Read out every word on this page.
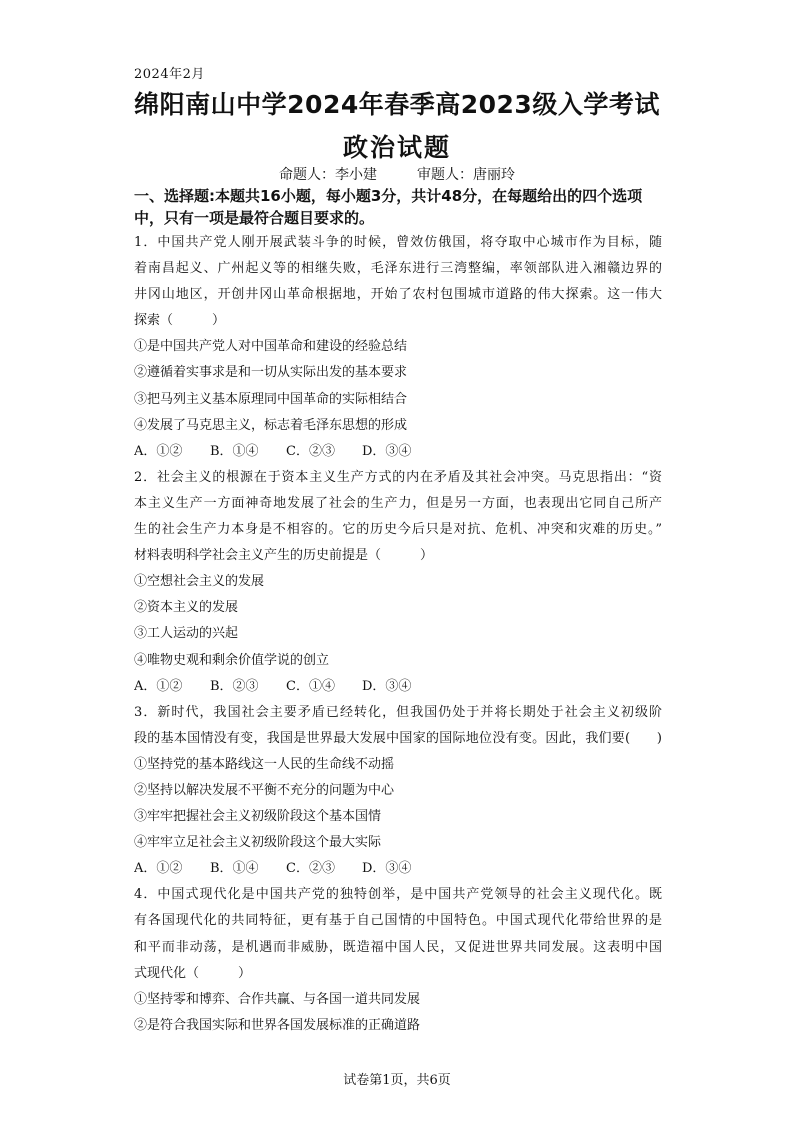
2024年2月
绵阳南山中学2024年春季高2023级入学考试
政治试题
命题人：李小建	审题人：唐丽玲
一、选择题:本题共16小题，每小题3分，共计48分，在每题给出的四个选项中，只有一项是最符合题目要求的。
1．中国共产党人刚开展武装斗争的时候，曾效仿俄国，将夺取中心城市作为目标，随
着南昌起义、广州起义等的相继失败，毛泽东进行三湾整编，率领部队进入湘赣边界的
井冈山地区，开创井冈山革命根据地，开始了农村包围城市道路的伟大探索。这一伟大
探索（　　　）
①是中国共产党人对中国革命和建设的经验总结
②遵循着实事求是和一切从实际出发的基本要求
③把马列主义基本原理同中国革命的实际相结合
④发展了马克思主义，标志着毛泽东思想的形成
A．①② B．①④ C．②③ D．③④
2．社会主义的根源在于资本主义生产方式的内在矛盾及其社会冲突。马克思指出：“资
本主义生产一方面神奇地发展了社会的生产力，但是另一方面，也表现出它同自己所产
生的社会生产力本身是不相容的。它的历史今后只是对抗、危机、冲突和灾难的历史。”
材料表明科学社会主义产生的历史前提是（　　　）
①空想社会主义的发展
②资本主义的发展
③工人运动的兴起
④唯物史观和剩余价值学说的创立
A．①② B．②③ C．①④ D．③④
3．新时代，我国社会主要矛盾已经转化，但我国仍处于并将长期处于社会主义初级阶
段的基本国情没有变，我国是世界最大发展中国家的国际地位没有变。因此，我们要(　　)
①坚持党的基本路线这一人民的生命线不动摇
②坚持以解决发展不平衡不充分的问题为中心
③牢牢把握社会主义初级阶段这个基本国情
④牢牢立足社会主义初级阶段这个最大实际
A．①② B．①④ C．②③ D．③④
4．中国式现代化是中国共产党的独特创举，是中国共产党领导的社会主义现代化。既
有各国现代化的共同特征，更有基于自己国情的中国特色。中国式现代化带给世界的是
和平而非动荡，是机遇而非威胁，既造福中国人民，又促进世界共同发展。这表明中国
式现代化（　　　）
①坚持零和博弈、合作共赢、与各国一道共同发展
②是符合我国实际和世界各国发展标准的正确道路
试卷第1页，共6页
